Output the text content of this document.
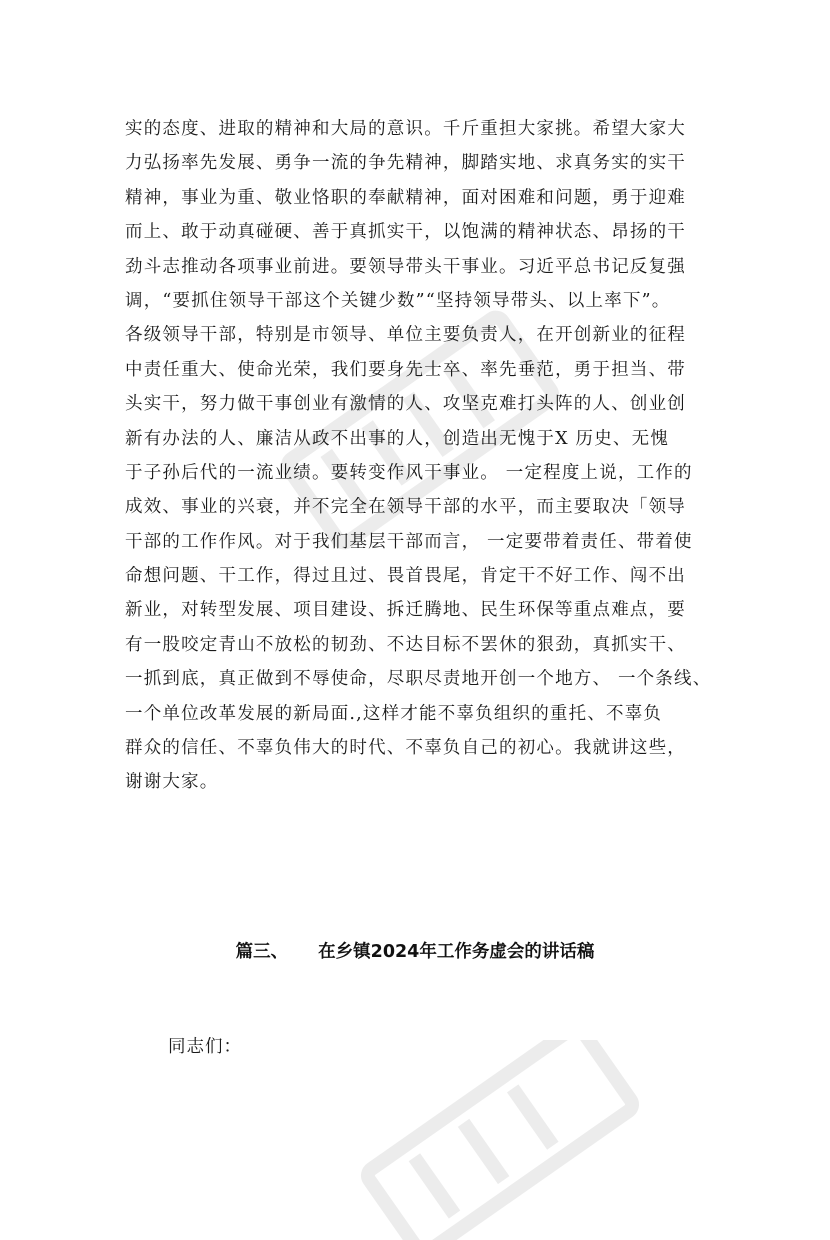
实的态度、进取的精神和大局的意识。千斤重担大家挑。希望大家大
力弘扬率先发展、勇争一流的争先精神，脚踏实地、求真务实的实干
精神，事业为重、敬业恪职的奉献精神，面对困难和问题，勇于迎难
而上、敢于动真碰硬、善于真抓实干，以饱满的精神状态、昂扬的干
劲斗志推动各项事业前进。要领导带头干事业。习近平总书记反复强
调，“要抓住领导干部这个关键少数”“坚持领导带头、以上率下”。
各级领导干部，特别是市领导、单位主要负责人，在开创新业的征程
中责任重大、使命光荣，我们要身先士卒、率先垂范，勇于担当、带
头实干，努力做干事创业有激情的人、攻坚克难打头阵的人、创业创
新有办法的人、廉洁从政不出事的人，创造出无愧于X 历史、无愧
于子孙后代的一流业绩。要转变作风干事业。 一定程度上说，工作的
成效、事业的兴衰，并不完全在领导干部的水平，而主要取决「领导
干部的工作作风。对于我们基层干部而言， 一定要带着责任、带着使
命想问题、干工作，得过且过、畏首畏尾，肯定干不好工作、闯不出
新业，对转型发展、项目建设、拆迁腾地、民生环保等重点难点，要
有一股咬定青山不放松的韧劲、不达目标不罢休的狠劲，真抓实干、
一抓到底，真正做到不辱使命，尽职尽责地开创一个地方、 一个条线、
一个单位改革发展的新局面.,这样才能不辜负组织的重托、不辜负
群众的信任、不辜负伟大的时代、不辜负自己的初心。我就讲这些，
谢谢大家。
篇三、 在乡镇2024年工作务虚会的讲话稿
同志们：
